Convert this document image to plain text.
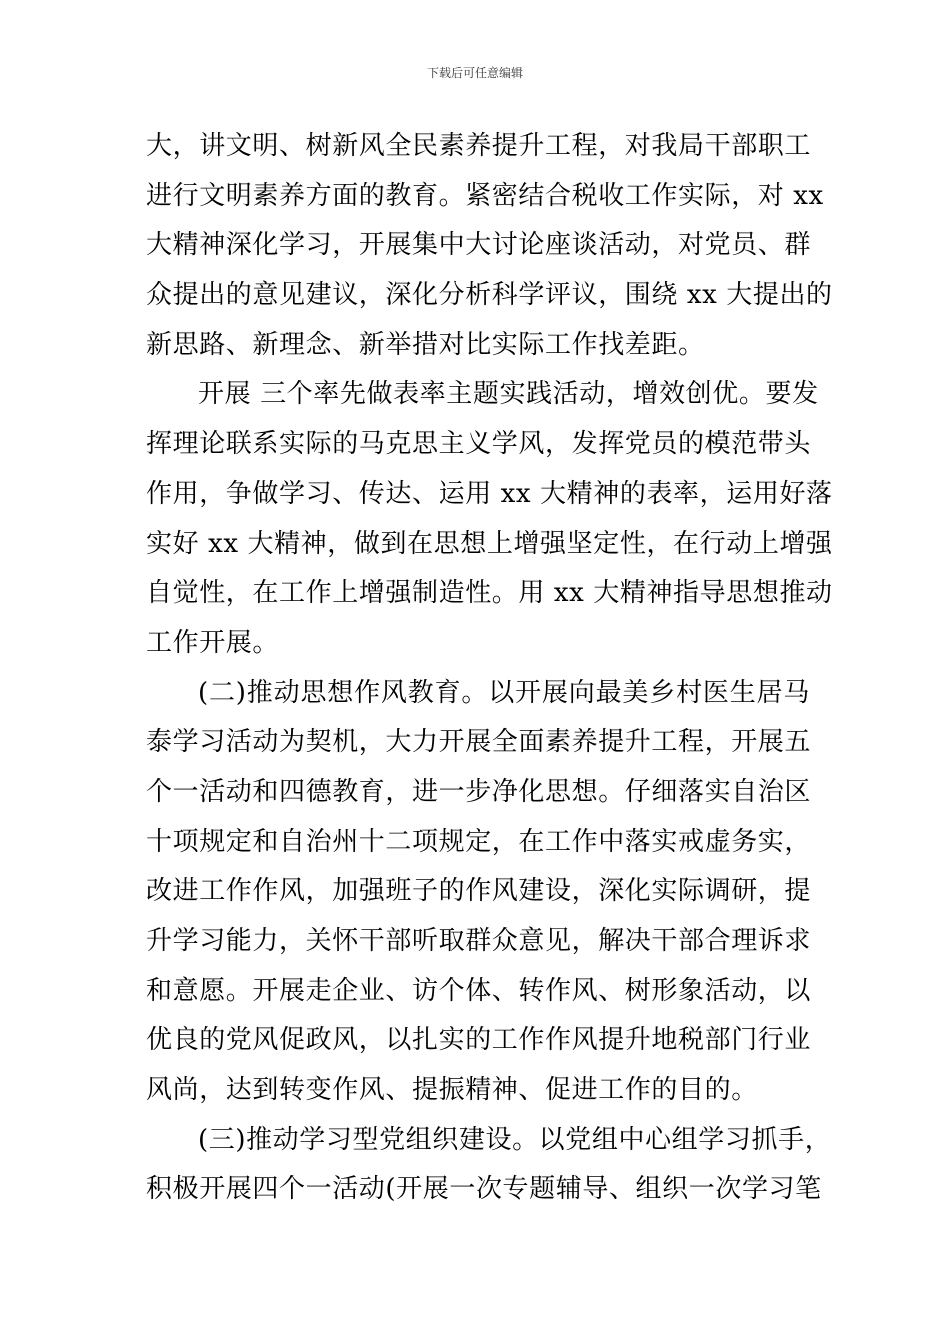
下载后可任意编辑
大，讲文明、树新风全民素养提升工程，对我局干部职工
进行文明素养方面的教育。紧密结合税收工作实际，对 xx
大精神深化学习，开展集中大讨论座谈活动，对党员、群
众提出的意见建议，深化分析科学评议，围绕 xx 大提出的
新思路、新理念、新举措对比实际工作找差距。
开展 三个率先做表率主题实践活动，增效创优。要发
挥理论联系实际的马克思主义学风，发挥党员的模范带头
作用，争做学习、传达、运用 xx 大精神的表率，运用好落
实好 xx 大精神，做到在思想上增强坚定性，在行动上增强
自觉性，在工作上增强制造性。用 xx 大精神指导思想推动
工作开展。
(二)推动思想作风教育。以开展向最美乡村医生居马
泰学习活动为契机，大力开展全面素养提升工程，开展五
个一活动和四德教育，进一步净化思想。仔细落实自治区
十项规定和自治州十二项规定，在工作中落实戒虚务实，
改进工作作风，加强班子的作风建设，深化实际调研，提
升学习能力，关怀干部听取群众意见，解决干部合理诉求
和意愿。开展走企业、访个体、转作风、树形象活动，以
优良的党风促政风，以扎实的工作作风提升地税部门行业
风尚，达到转变作风、提振精神、促进工作的目的。
(三)推动学习型党组织建设。以党组中心组学习抓手，
积极开展四个一活动(开展一次专题辅导、组织一次学习笔
